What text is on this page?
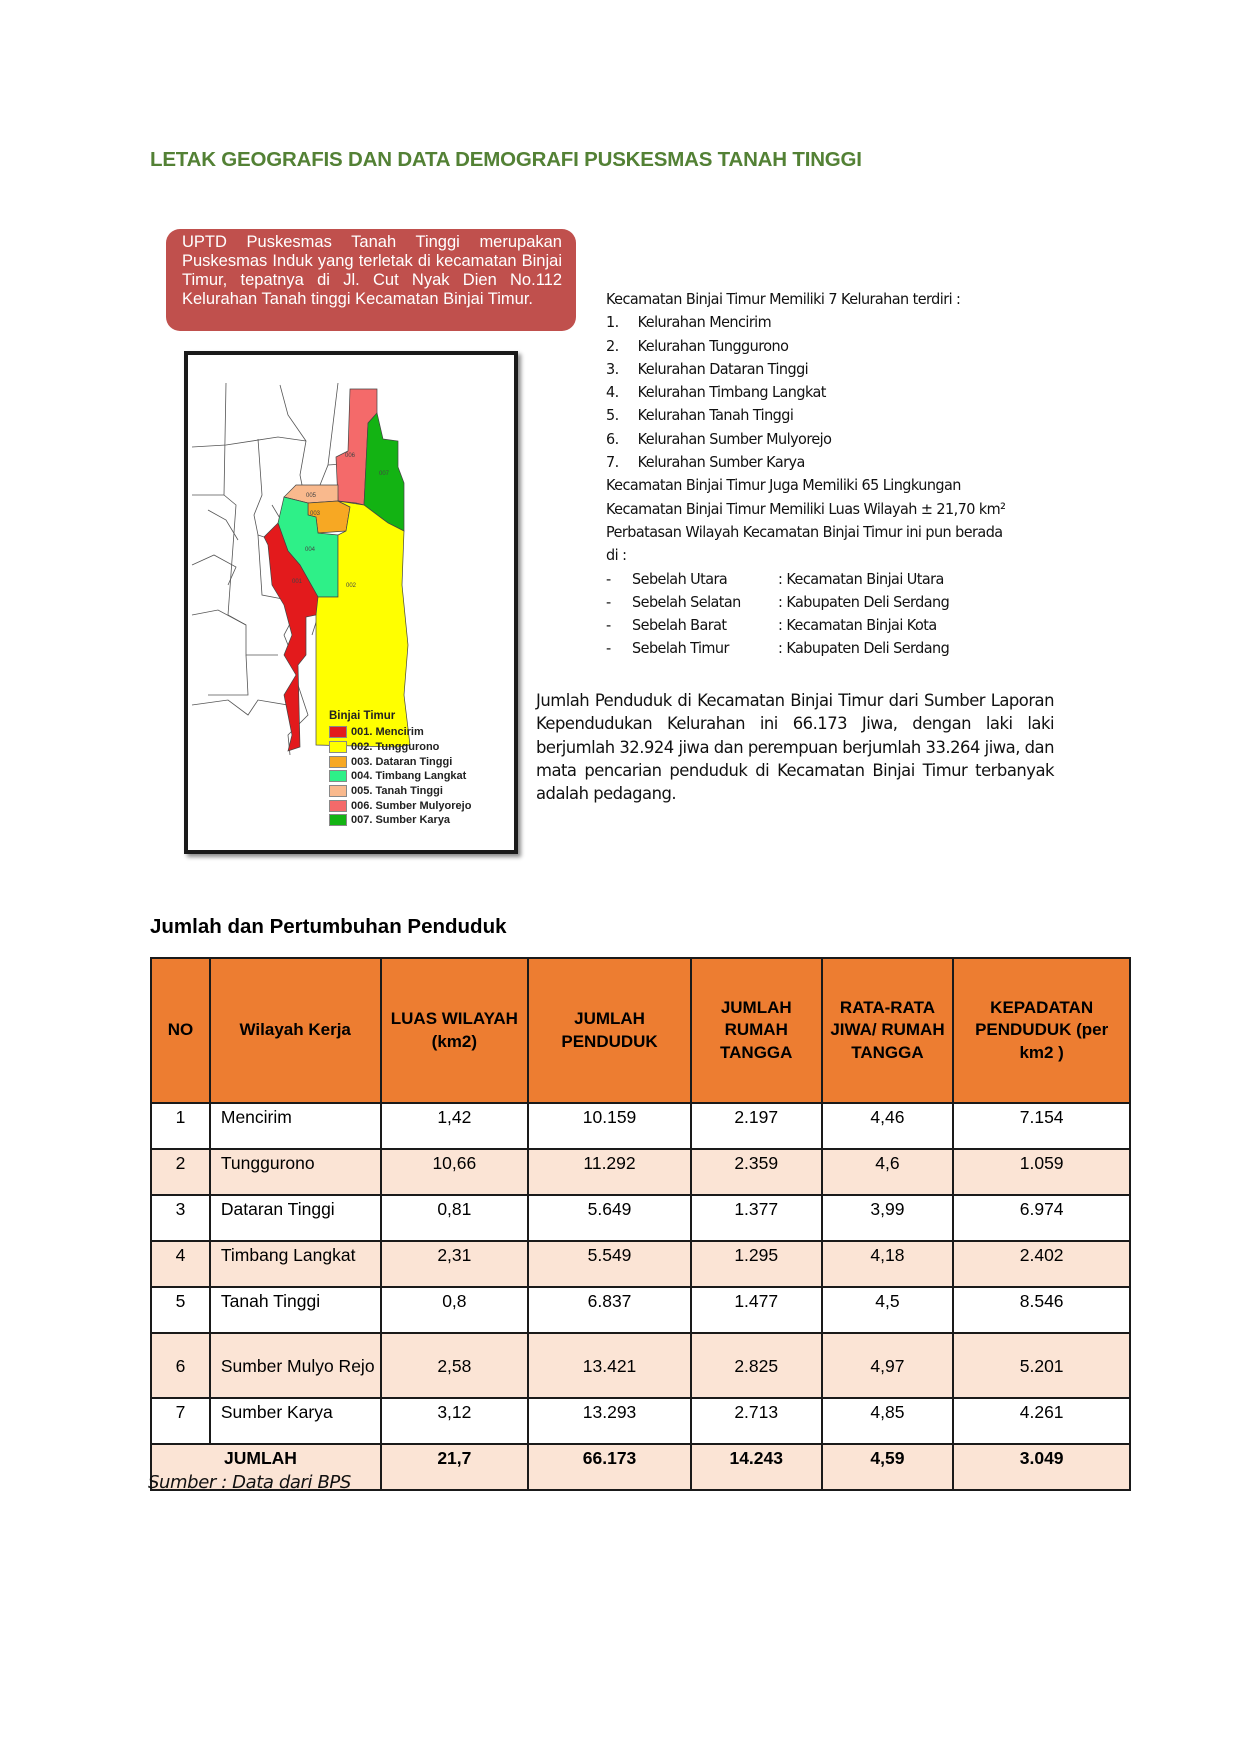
LETAK GEOGRAFIS DAN DATA DEMOGRAFI PUSKESMAS TANAH TINGGI
UPTD Puskesmas Tanah Tinggi merupakan Puskesmas Induk yang terletak di kecamatan Binjai Timur, tepatnya di Jl. Cut Nyak Dien No.112 Kelurahan Tanah tinggi Kecamatan Binjai Timur.
006
007
005
003
004
002
001
Binjai Timur
001. Mencirim
002. Tunggurono
003. Dataran Tinggi
004. Timbang Langkat
005. Tanah Tinggi
006. Sumber Mulyorejo
007. Sumber Karya
Kecamatan Binjai Timur Memiliki 7 Kelurahan terdiri :
1.	Kelurahan Mencirim
2.	Kelurahan Tunggurono
3.	Kelurahan Dataran Tinggi
4.	Kelurahan Timbang Langkat
5.	Kelurahan Tanah Tinggi
6.	Kelurahan Sumber Mulyorejo
7.	Kelurahan Sumber Karya
Kecamatan Binjai Timur Juga Memiliki 65 Lingkungan
Kecamatan Binjai Timur Memiliki Luas Wilayah ± 21,70 km²
Perbatasan Wilayah Kecamatan Binjai Timur ini pun berada
di :
-	Sebelah Utara	: Kecamatan Binjai Utara
-	Sebelah Selatan	: Kabupaten Deli Serdang
-	Sebelah Barat	: Kecamatan Binjai Kota
-	Sebelah Timur	: Kabupaten Deli Serdang
Jumlah Penduduk di Kecamatan Binjai Timur dari Sumber Laporan Kependudukan Kelurahan ini 66.173 Jiwa, dengan laki laki berjumlah 32.924 jiwa dan perempuan berjumlah 33.264 jiwa, dan mata pencarian penduduk di Kecamatan Binjai Timur terbanyak adalah pedagang.
Jumlah dan Pertumbuhan Penduduk
NO	Wilayah Kerja	LUAS WILAYAH (km2)	JUMLAH PENDUDUK	JUMLAH RUMAH TANGGA	RATA-RATA JIWA/ RUMAH TANGGA	KEPADATAN PENDUDUK (per km2 )
1	Mencirim	1,42	10.159	2.197	4,46	7.154
2	Tunggurono	10,66	11.292	2.359	4,6	1.059
3	Dataran Tinggi	0,81	5.649	1.377	3,99	6.974
4	Timbang Langkat	2,31	5.549	1.295	4,18	2.402
5	Tanah Tinggi	0,8	6.837	1.477	4,5	8.546
6	Sumber Mulyo Rejo	2,58	13.421	2.825	4,97	5.201
7	Sumber Karya	3,12	13.293	2.713	4,85	4.261
JUMLAH		21,7	66.173	14.243	4,59	3.049
Sumber : Data dari BPS
